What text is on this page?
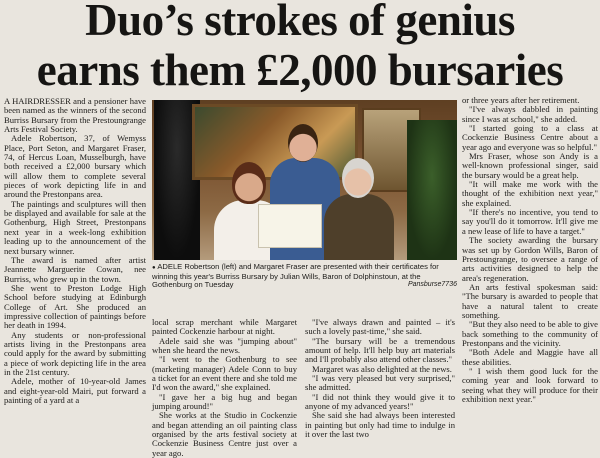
Duo’s strokes of genius
earns them £2,000 bursaries

A HAIRDRESSER and a pensioner have been named as the winners of the second Burriss Bursary from the Prestoungrange Arts Festival Society.

Adele Robertson, 37, of Wemyss Place, Port Seton, and Margaret Fraser, 74, of Hercus Loan, Musselburgh, have both received a £2,000 bursary which will allow them to complete several pieces of work depicting life in and around the Prestonpans area.

The paintings and sculptures will then be displayed and available for sale at the Gothenburg, High Street, Prestonpans next year in a week-long exhibition leading up to the announcement of the next bursary winner.

The award is named after artist Jeannette Marguerite Cowan, nee Burriss, who grew up in the town.

She went to Preston Lodge High School before studying at Edinburgh College of Art. She produced an impressive collection of paintings before her death in 1994.

Any students or non-professional artists living in the Prestonpans area could apply for the award by submitting a piece of work depicting life in the area in the 21st century.

Adele, mother of 10-year-old James and eight-year-old Mairi, put forward a painting of a yard at a

● ADELE Robertson (left) and Margaret Fraser are presented with their certificates for winning this year's Burriss Bursary by Julian Wills, Baron of Dolphinstoun, at the Gothenburg on Tuesday	Pansburse7736

local scrap merchant while Margaret painted Cockenzie harbour at night.

Adele said she was "jumping about" when she heard the news.

"I went to the Gothenburg to see (marketing manager) Adele Conn to buy a ticket for an event there and she told me I'd won the award," she explained.

"I gave her a big hug and began jumping around!"

She works at the Studio in Cockenzie and began attending an oil painting class organised by the arts festival society at Cockenzie Business Centre just over a year ago.

"I've always drawn and painted – it's such a lovely past-time," she said.

"The bursary will be a tremendous amount of help. It'll help buy art materials and I'll probably also attend other classes."

Margaret was also delighted at the news.

"I was very pleased but very surprised," she admitted.

"I did not think they would give it to anyone of my advanced years!"

She said she had always been interested in painting but only had time to indulge in it over the last two

or three years after her retirement.

"I've always dabbled in painting since I was at school," she added.

"I started going to a class at Cockenzie Business Centre about a year ago and everyone was so helpful."

Mrs Fraser, whose son Andy is a well-known professional singer, said the bursary would be a great help.

"It will make me work with the thought of the exhibition next year," she explained.

"If there's no incentive, you tend to say you'll do it tomorrow. It'll give me a new lease of life to have a target."

The society awarding the bursary was set up by Gordon Wills, Baron of Prestoungrange, to oversee a range of arts activities designed to help the area's regeneration.

An arts festival spokesman said: "The bursary is awarded to people that have a natural talent to create something.

"But they also need to be able to give back something to the community of Prestonpans and the vicinity.

"Both Adele and Maggie have all these abilities.

" I wish them good luck for the coming year and look forward to seeing what they will produce for their exhibition next year."
